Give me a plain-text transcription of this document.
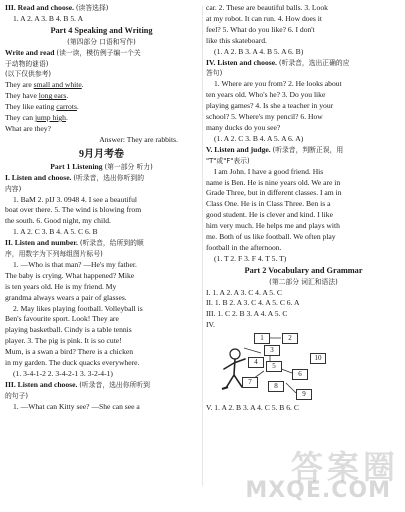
III. Read and choose. (读答选择)
1. A 2. A 3. B 4. B 5. A
Part 4 Speaking and Writing
(第四部分 口语和写作)
Write and read (读一读，模仿例子编一个关
于动物的谜语)
(以下仅供参考)
They are small and white.
They have long ears.
They like eating carrots.
They can jump high.
What are they?
Answer: They are rabbits.
9月月考卷
Part 1 Listening (第一部分 听力)
I. Listen and choose. (听录音，选出你听到的
内容)
1. BaM 2. pIJ 3. 0948 4. I see a beautiful
boat over there. 5. The wind is blowing from
the south. 6. Good night, my child.
1. A 2. C 3. B 4. A 5. C 6. B
II. Listen and number. (听录音，给所到的顺
序，用数字为下列每组图片标号)
1. —Who is that man? —He's my father.
The baby is crying. What happened? Mike
is ten years old. He is my friend. My
grandma always wears a pair of glasses.
2. May likes playing football. Volleyball is
Ben's favourite sport. Look! They are
playing basketball. Cindy is a table tennis
player. 3. The pig is pink. It is so cute!
Mum, is a swan a bird? There is a chicken
in my garden. The duck quacks everywhere.
(1. 3-4-1-2 2. 3-4-2-1 3. 3-2-4-1)
III. Listen and choose. (听录音，选出你所听到
的句子)
1. —What can Kitty see? —She can see a
car. 2. These are beautiful balls. 3. Look
at my robot. It can run. 4. How does it
feel? 5. What do you like? 6. I don't
like this skateboard.
(1. A 2. B 3. A 4. B 5. A 6. B)
IV. Listen and choose. (听录音，选出正确的应
答句)
1. Where are you from? 2. He looks about
ten years old. Who's he? 3. Do you like
playing games? 4. Is she a teacher in your
school? 5. Where's my pencil? 6. How
many ducks do you see?
(1. A 2. C 3. B 4. A 5. A 6. A)
V. Listen and judge. (听录音，判断正误，用
"T"或"F"表示)
I am John. I have a good friend. His
name is Ben. He is nine years old. We are in
Grade Three, but in different classes. I am in
Class One. He is in Class Three. Ben is a
good student. He is clever and kind. I like
him very much. He helps me and plays with
me. Both of us like football. We often play
football in the afternoon.
(1. T 2. F 3. F 4. T 5. T)
Part 2 Vocabulary and Grammar
(第二部分 词汇和语法)
I. 1. A 2. A 3. C 4. A 5. C
II. 1. B 2. A 3. C 4. A 5. C 6. A
III. 1. C 2. B 3. A 4. A 5. C
IV.
1	2
3
4	5
6
7	8
9
10
V. 1. A 2. B 3. A 4. C 5. B 6. C
答案圈
MXQE.COM
